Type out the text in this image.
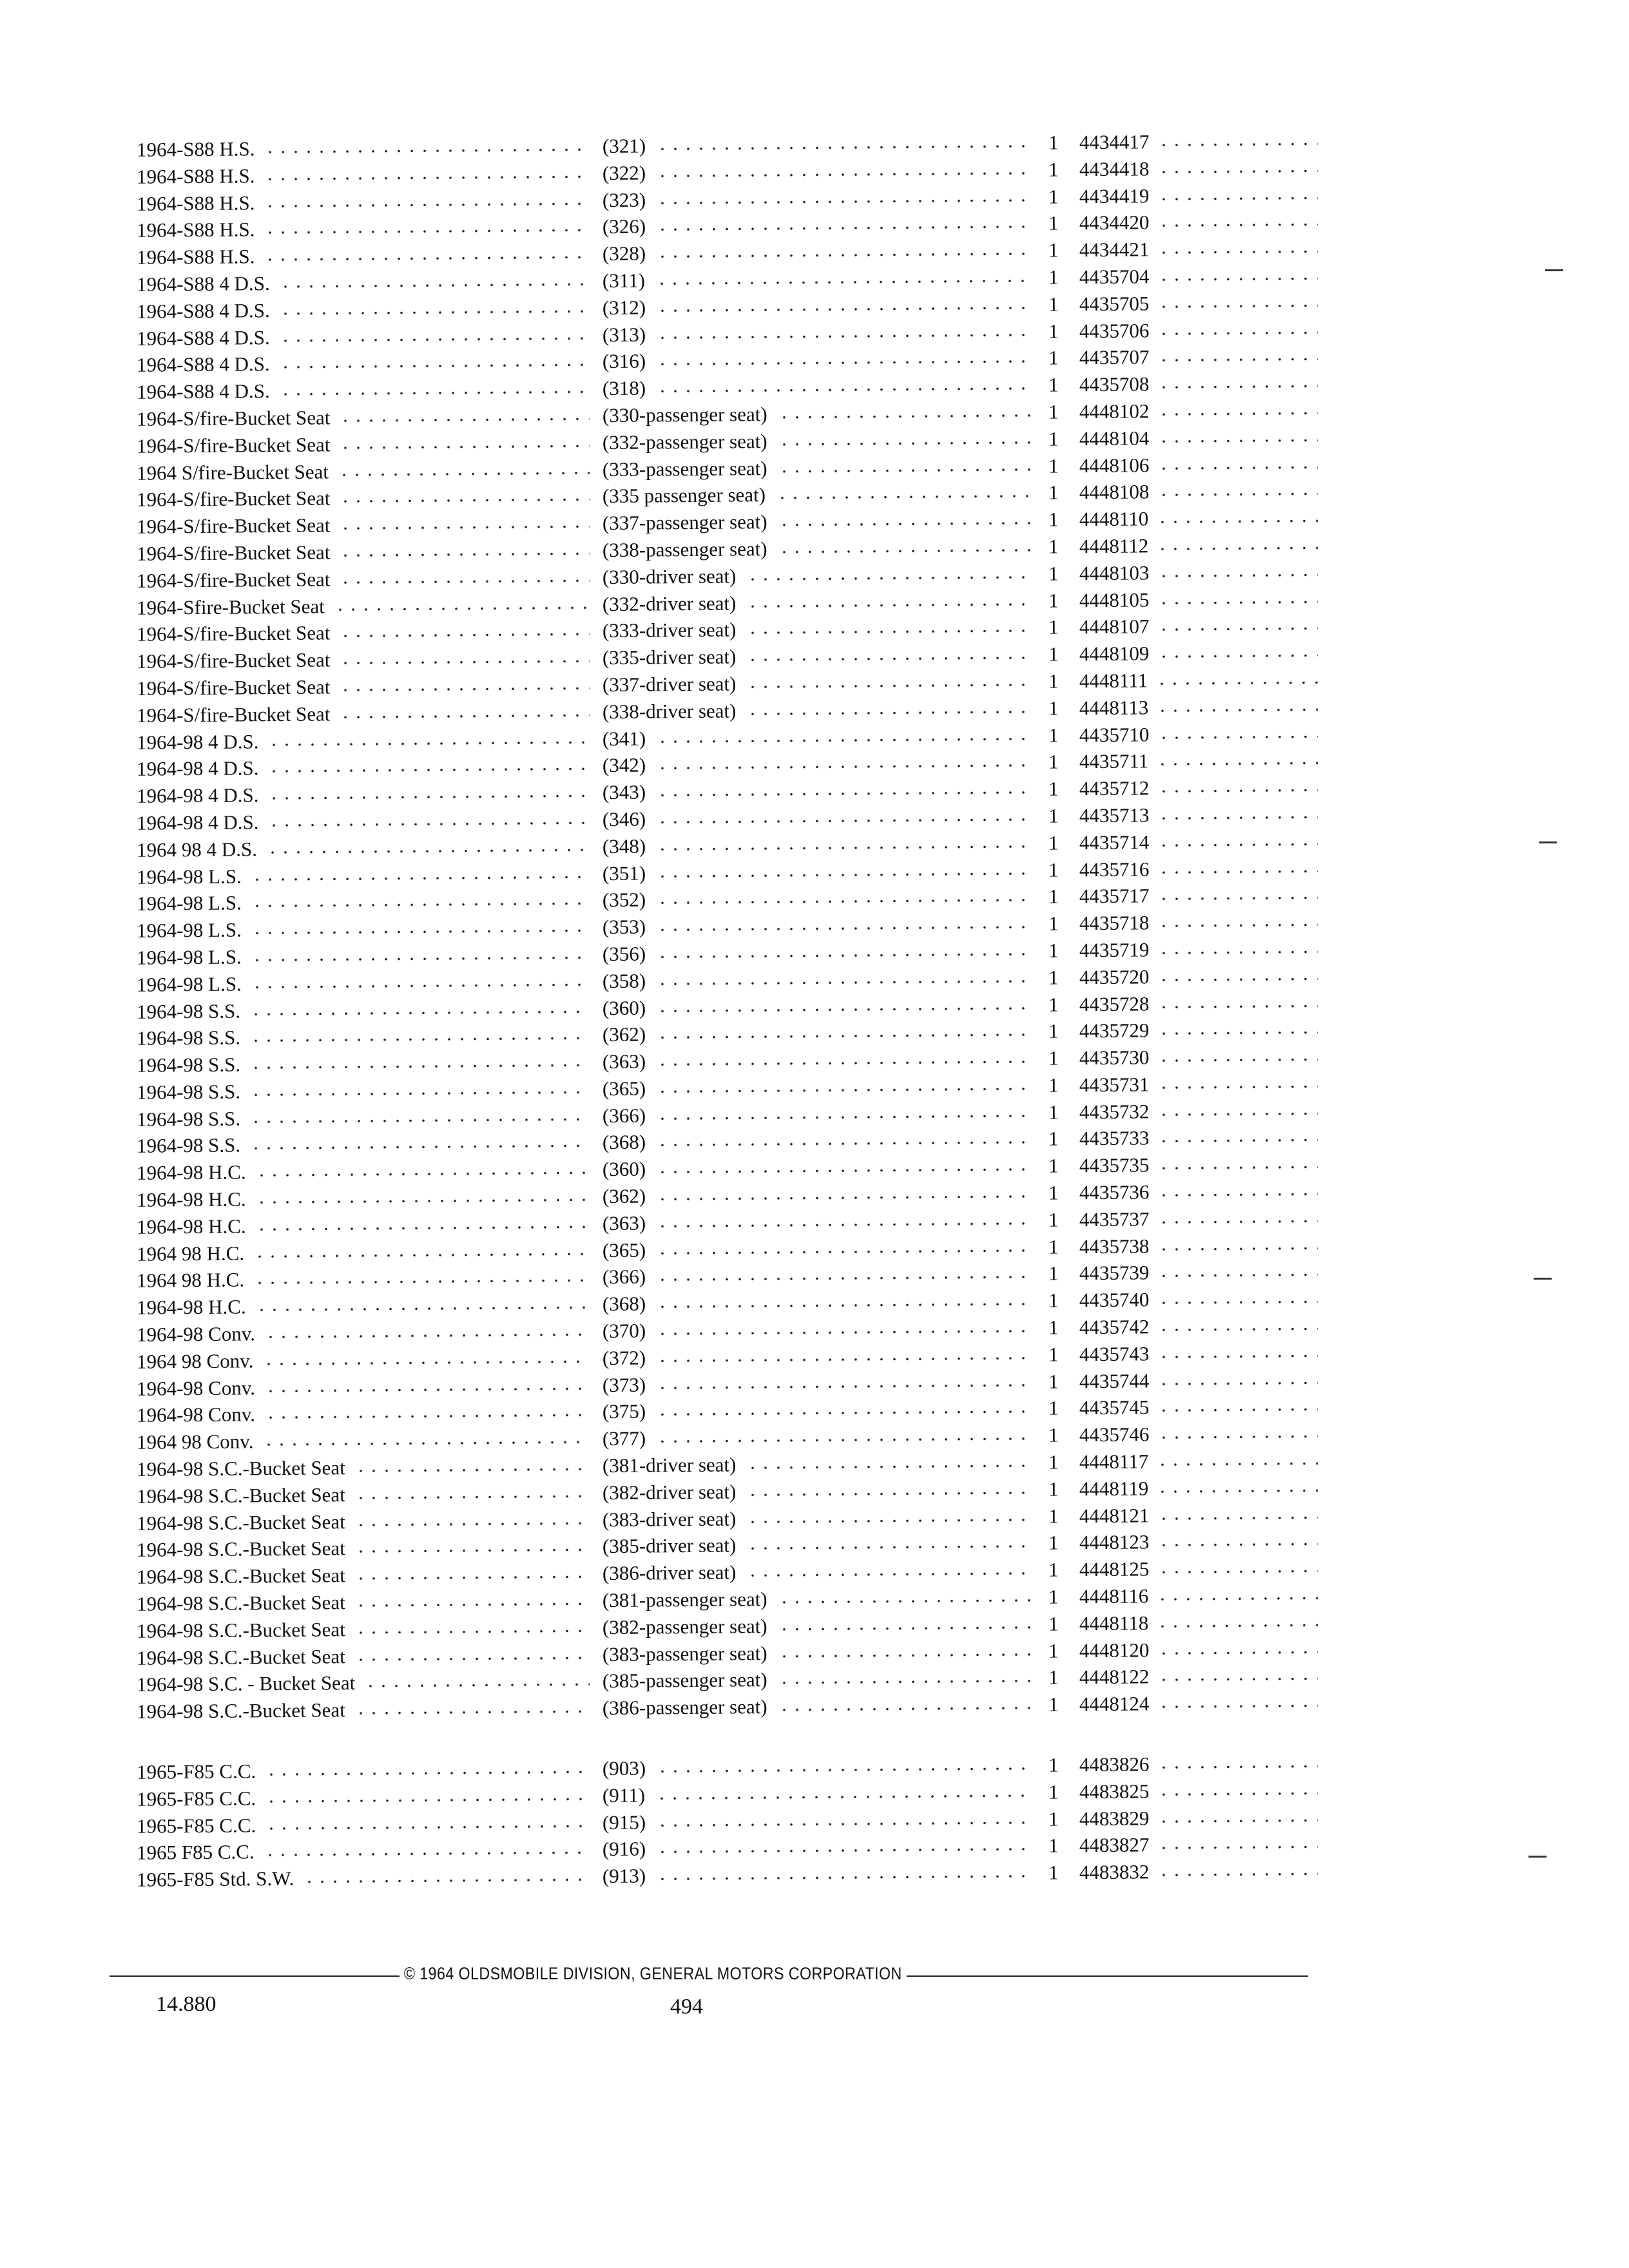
1964-S88 H.S.	(321)	1 4434417
1964-S88 H.S.	(322)	1 4434418
1964-S88 H.S.	(323)	1 4434419
1964-S88 H.S.	(326)	1 4434420
1964-S88 H.S.	(328)	1 4434421
1964-S88 4 D.S.	(311)	1 4435704
1964-S88 4 D.S.	(312)	1 4435705
1964-S88 4 D.S.	(313)	1 4435706
1964-S88 4 D.S.	(316)	1 4435707
1964-S88 4 D.S.	(318)	1 4435708
1964-S/fire-Bucket Seat	(330-passenger seat)	1 4448102
1964-S/fire-Bucket Seat	(332-passenger seat)	1 4448104
1964 S/fire-Bucket Seat	(333-passenger seat)	1 4448106
1964-S/fire-Bucket Seat	(335 passenger seat)	1 4448108
1964-S/fire-Bucket Seat	(337-passenger seat)	1 4448110
1964-S/fire-Bucket Seat	(338-passenger seat)	1 4448112
1964-S/fire-Bucket Seat	(330-driver seat)	1 4448103
1964-Sfire-Bucket Seat	(332-driver seat)	1 4448105
1964-S/fire-Bucket Seat	(333-driver seat)	1 4448107
1964-S/fire-Bucket Seat	(335-driver seat)	1 4448109
1964-S/fire-Bucket Seat	(337-driver seat)	1 4448111
1964-S/fire-Bucket Seat	(338-driver seat)	1 4448113
1964-98 4 D.S.	(341)	1 4435710
1964-98 4 D.S.	(342)	1 4435711
1964-98 4 D.S.	(343)	1 4435712
1964-98 4 D.S.	(346)	1 4435713
1964 98 4 D.S.	(348)	1 4435714
1964-98 L.S.	(351)	1 4435716
1964-98 L.S.	(352)	1 4435717
1964-98 L.S.	(353)	1 4435718
1964-98 L.S.	(356)	1 4435719
1964-98 L.S.	(358)	1 4435720
1964-98 S.S.	(360)	1 4435728
1964-98 S.S.	(362)	1 4435729
1964-98 S.S.	(363)	1 4435730
1964-98 S.S.	(365)	1 4435731
1964-98 S.S.	(366)	1 4435732
1964-98 S.S.	(368)	1 4435733
1964-98 H.C.	(360)	1 4435735
1964-98 H.C.	(362)	1 4435736
1964-98 H.C.	(363)	1 4435737
1964 98 H.C.	(365)	1 4435738
1964 98 H.C.	(366)	1 4435739
1964-98 H.C.	(368)	1 4435740
1964-98 Conv.	(370)	1 4435742
1964 98 Conv.	(372)	1 4435743
1964-98 Conv.	(373)	1 4435744
1964-98 Conv.	(375)	1 4435745
1964 98 Conv.	(377)	1 4435746
1964-98 S.C.-Bucket Seat	(381-driver seat)	1 4448117
1964-98 S.C.-Bucket Seat	(382-driver seat)	1 4448119
1964-98 S.C.-Bucket Seat	(383-driver seat)	1 4448121
1964-98 S.C.-Bucket Seat	(385-driver seat)	1 4448123
1964-98 S.C.-Bucket Seat	(386-driver seat)	1 4448125
1964-98 S.C.-Bucket Seat	(381-passenger seat)	1 4448116
1964-98 S.C.-Bucket Seat	(382-passenger seat)	1 4448118
1964-98 S.C.-Bucket Seat	(383-passenger seat)	1 4448120
1964-98 S.C. - Bucket Seat	(385-passenger seat)	1 4448122
1964-98 S.C.-Bucket Seat	(386-passenger seat)	1 4448124
1965-F85 C.C.	(903)	1 4483826
1965-F85 C.C.	(911)	1 4483825
1965-F85 C.C.	(915)	1 4483829
1965 F85 C.C.	(916)	1 4483827
1965-F85 Std. S.W.	(913)	1 4483832
© 1964 OLDSMOBILE DIVISION, GENERAL MOTORS CORPORATION
14.880	494
